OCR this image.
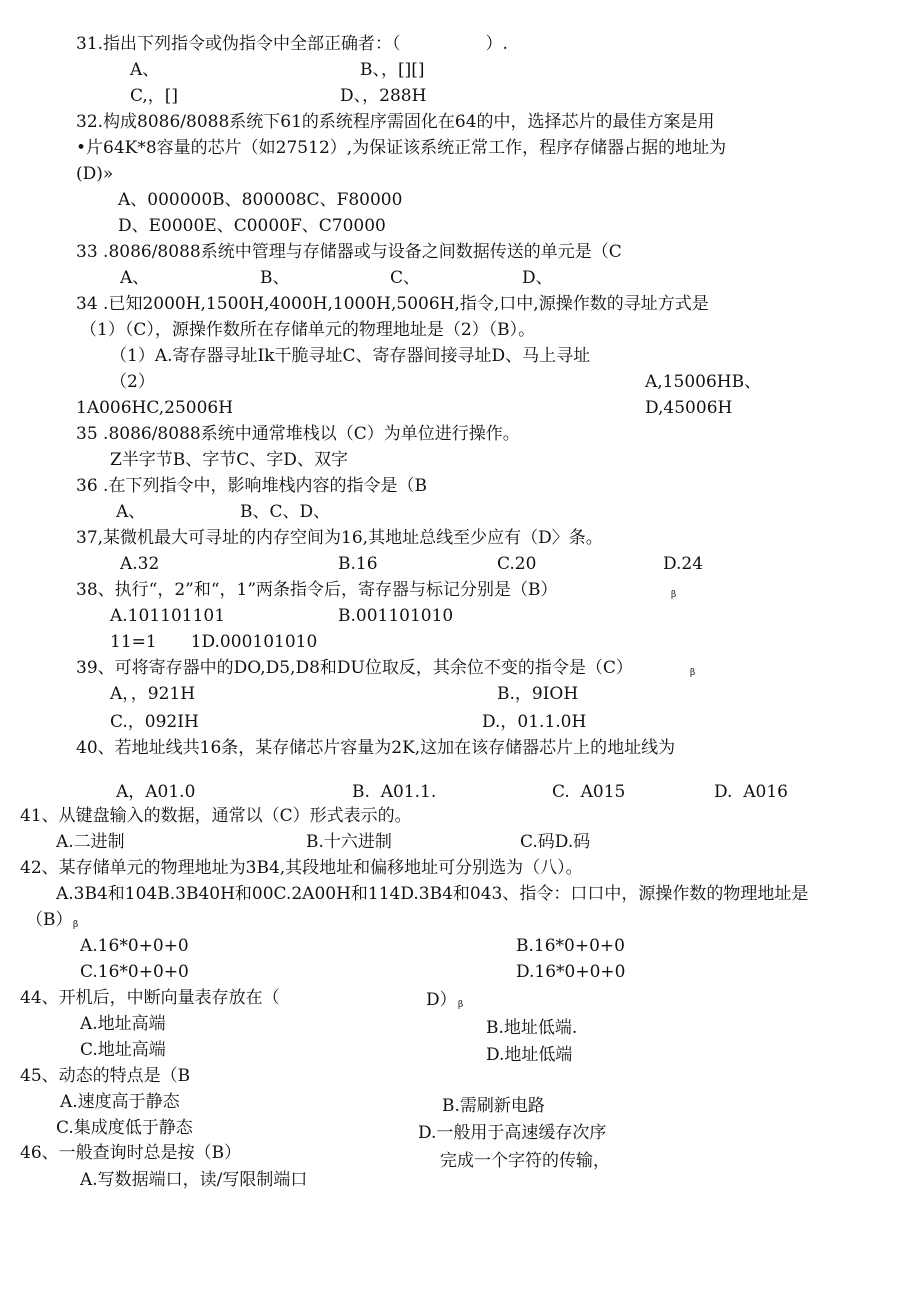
31.指出下列指令或伪指令中全部正确者：（　　　　　）.
A、	B、，[][]
C,，[]	D、，288H
32.构成8086/8088系统下61的系统程序需固化在64的中，选择芯片的最佳方案是用
•片64K*8容量的芯片（如27512）,为保证该系统正常工作，程序存储器占据的地址为
(D)»
A、000000B、800008C、F80000
D、E0000E、C0000F、C70000
33 .8086/8088系统中管理与存储器或与设备之间数据传送的单元是（C
A、	B、	C、	D、
34 .已知2000H,1500H,4000H,1000H,5006H,指令,口中,源操作数的寻址方式是
（1）（C），源操作数所在存储单元的物理地址是（2）（B）。
（1）A.寄存器寻址Ik干脆寻址C、寄存器间接寻址D、马上寻址
（2）	A,15006HB、
1A006HC,25006H	D,45006H
35 .8086/8088系统中通常堆栈以（C）为单位进行操作。
Z半字节B、字节C、字D、双字
36 .在下列指令中，影响堆栈内容的指令是（B
A、	B、C、D、
37,某微机最大可寻址的内存空间为16,其地址总线至少应有（D〉条。
A.32	B.16	C.20	D.24
38、执行“，2”和“，1”两条指令后，寄存器与标记分别是（B）	β
A.101101101	B.001101010
11=1　　1D.000101010
39、可将寄存器中的DO,D5,D8和DU位取反，其余位不变的指令是（C）	β
A，，921H	B.，9IOH
C.，092IH	D.，01.1.0H
40、若地址线共16条，某存储芯片容量为2K,这加在该存储器芯片上的地址线为
A，A01.0	B.  A01.1.	C.  A015	D.  A016
41、从键盘输入的数据，通常以（C）形式表示的。
A.二进制	B.十六进制	C.码D.码
42、某存储单元的物理地址为3B4,其段地址和偏移地址可分别选为（八）。
A.3B4和104B.3B40H和00C.2A00H和114D.3B4和043、指令：口口中，源操作数的物理地址是
（B） β
A.16*0+0+0	B.16*0+0+0
C.16*0+0+0	D.16*0+0+0
44、开机后，中断向量表存放在（	D） β
A.地址高端	B.地址低端.
C.地址高端	D.地址低端
45、动态的特点是（B
A.速度高于静态	B.需刷新电路
C.集成度低于静态	D.一般用于高速缓存次序
46、一般查询时总是按（B）	完成一个字符的传输，
A.写数据端口，读/写限制端口
